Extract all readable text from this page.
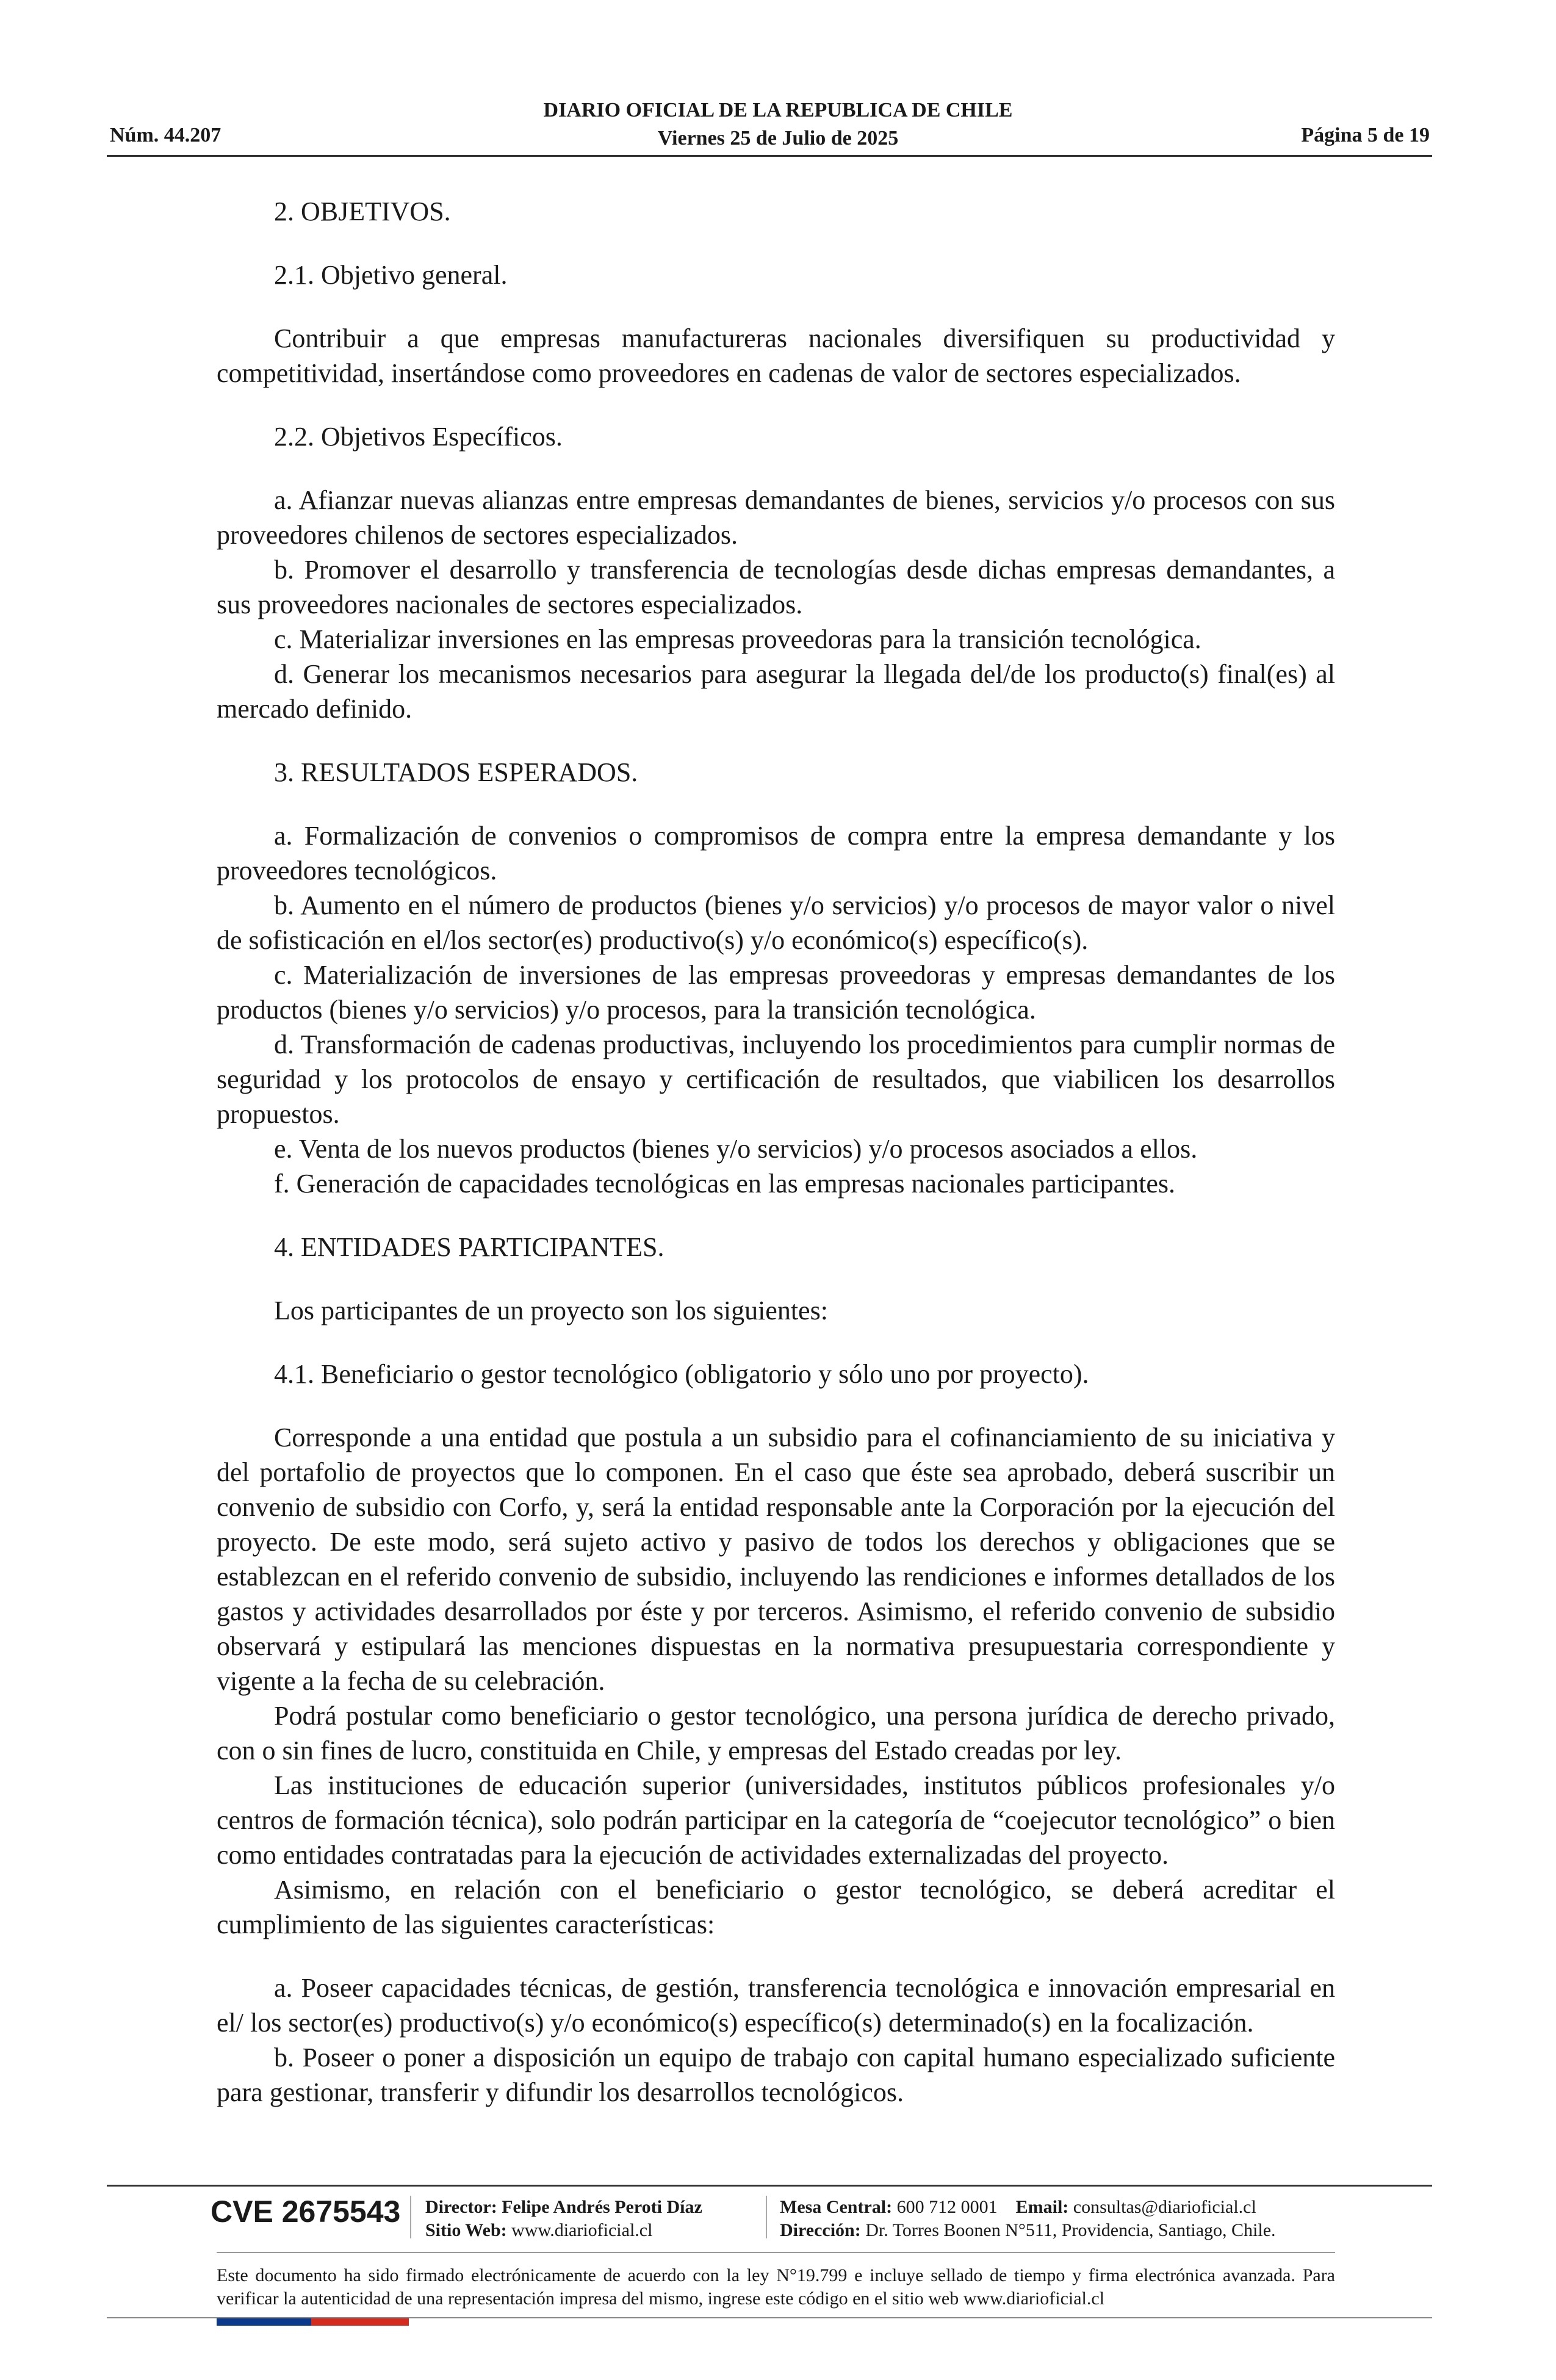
Núm. 44.207
DIARIO OFICIAL DE LA REPUBLICA DE CHILE
Viernes 25 de Julio de 2025	Página 5 de 19

2. OBJETIVOS.

2.1. Objetivo general.

Contribuir a que empresas manufactureras nacionales diversifiquen su productividad y competitividad, insertándose como proveedores en cadenas de valor de sectores especializados.

2.2. Objetivos Específicos.

a. Afianzar nuevas alianzas entre empresas demandantes de bienes, servicios y/o procesos con sus proveedores chilenos de sectores especializados.

b. Promover el desarrollo y transferencia de tecnologías desde dichas empresas demandantes, a sus proveedores nacionales de sectores especializados.

c. Materializar inversiones en las empresas proveedoras para la transición tecnológica.

d. Generar los mecanismos necesarios para asegurar la llegada del/de los producto(s) final(es) al mercado definido.

3. RESULTADOS ESPERADOS.

a. Formalización de convenios o compromisos de compra entre la empresa demandante y los proveedores tecnológicos.

b. Aumento en el número de productos (bienes y/o servicios) y/o procesos de mayor valor o nivel de sofisticación en el/los sector(es) productivo(s) y/o económico(s) específico(s).

c. Materialización de inversiones de las empresas proveedoras y empresas demandantes de los productos (bienes y/o servicios) y/o procesos, para la transición tecnológica.

d. Transformación de cadenas productivas, incluyendo los procedimientos para cumplir normas de seguridad y los protocolos de ensayo y certificación de resultados, que viabilicen los desarrollos propuestos.

e. Venta de los nuevos productos (bienes y/o servicios) y/o procesos asociados a ellos.

f. Generación de capacidades tecnológicas en las empresas nacionales participantes.

4. ENTIDADES PARTICIPANTES.

Los participantes de un proyecto son los siguientes:

4.1. Beneficiario o gestor tecnológico (obligatorio y sólo uno por proyecto).

Corresponde a una entidad que postula a un subsidio para el cofinanciamiento de su iniciativa y del portafolio de proyectos que lo componen. En el caso que éste sea aprobado, deberá suscribir un convenio de subsidio con Corfo, y, será la entidad responsable ante la Corporación por la ejecución del proyecto. De este modo, será sujeto activo y pasivo de todos los derechos y obligaciones que se establezcan en el referido convenio de subsidio, incluyendo las rendiciones e informes detallados de los gastos y actividades desarrollados por éste y por terceros. Asimismo, el referido convenio de subsidio observará y estipulará las menciones dispuestas en la normativa presupuestaria correspondiente y vigente a la fecha de su celebración.

Podrá postular como beneficiario o gestor tecnológico, una persona jurídica de derecho privado, con o sin fines de lucro, constituida en Chile, y empresas del Estado creadas por ley.

Las instituciones de educación superior (universidades, institutos públicos profesionales y/o centros de formación técnica), solo podrán participar en la categoría de “coejecutor tecnológico” o bien como entidades contratadas para la ejecución de actividades externalizadas del proyecto.

Asimismo, en relación con el beneficiario o gestor tecnológico, se deberá acreditar el cumplimiento de las siguientes características:

a. Poseer capacidades técnicas, de gestión, transferencia tecnológica e innovación empresarial en el/ los sector(es) productivo(s) y/o económico(s) específico(s) determinado(s) en la focalización.

b. Poseer o poner a disposición un equipo de trabajo con capital humano especializado suficiente para gestionar, transferir y difundir los desarrollos tecnológicos.

CVE 2675543 Director: Felipe Andrés Peroti Díaz
Sitio Web: www.diarioficial.cl
Mesa Central: 600 712 0001 Email: consultas@diarioficial.cl
Dirección: Dr. Torres Boonen N°511, Providencia, Santiago, Chile.
Este documento ha sido firmado electrónicamente de acuerdo con la ley N°19.799 e incluye sellado de tiempo y firma electrónica avanzada. Para verificar la autenticidad de una representación impresa del mismo, ingrese este código en el sitio web www.diarioficial.cl
